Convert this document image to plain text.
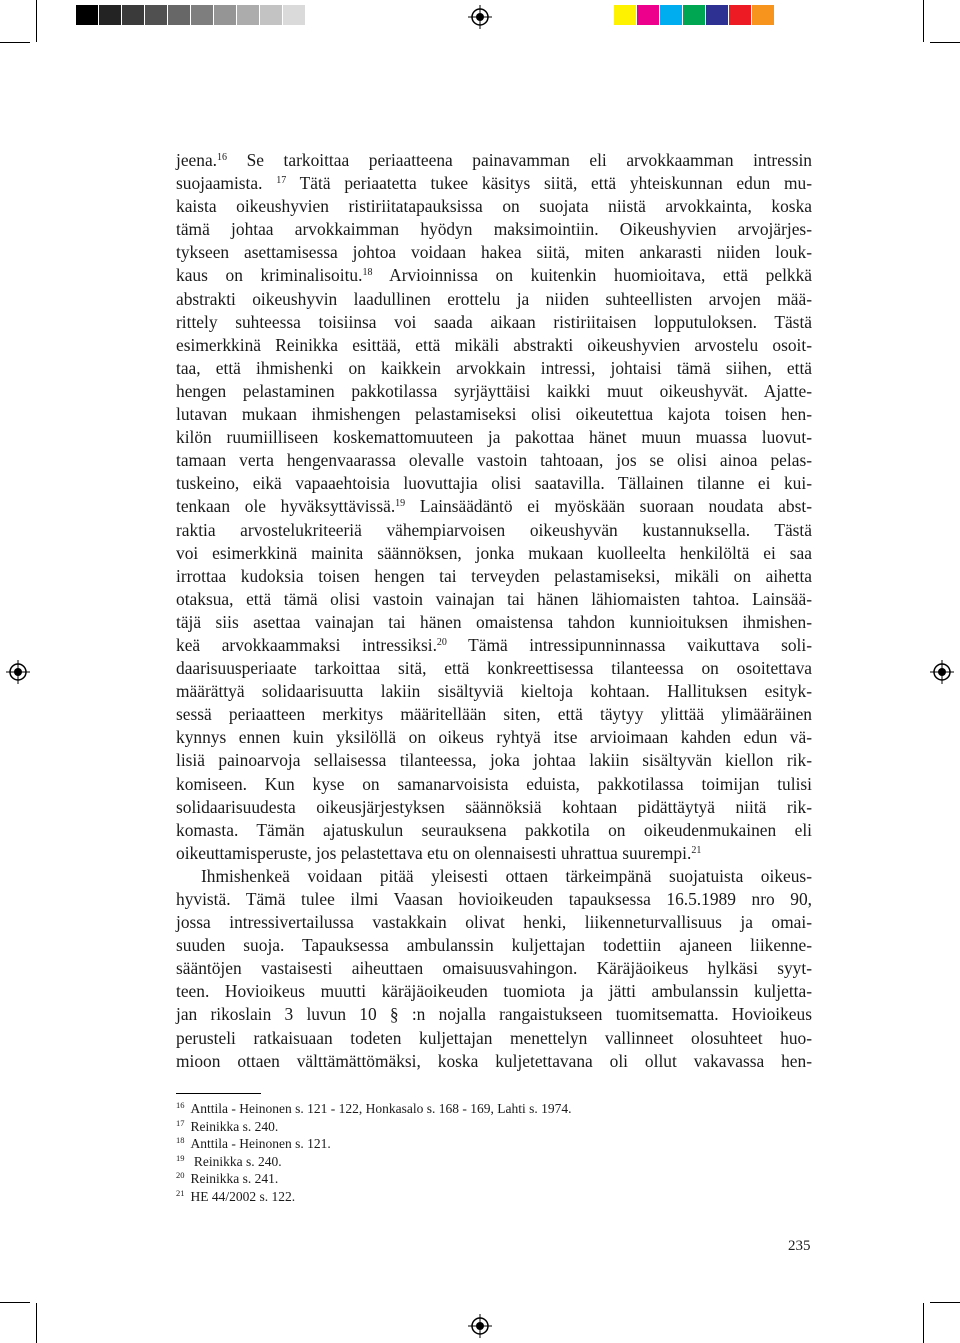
jeena.$^{16}$ Se tarkoittaa periaatteena painavamman eli arvokkaamman intressin
suojaamista. $^{17}$ Tätä periaatetta tukee käsitys siitä, että yhteiskunnan edun mu-
kaista oikeushyvien ristiriitatapauksissa on suojata niistä arvokkainta, koska
tämä johtaa arvokkaimman hyödyn maksimointiin. Oikeushyvien arvojärjes-
tykseen asettamisessa johtoa voidaan hakea siitä, miten ankarasti niiden louk-
kaus on kriminalisoitu.$^{18}$ Arvioinnissa on kuitenkin huomioitava, että pelkkä
abstrakti oikeushyvin laadullinen erottelu ja niiden suhteellisten arvojen mää-
rittely suhteessa toisiinsa voi saada aikaan ristiriitaisen lopputuloksen. Tästä
esimerkkinä Reinikka esittää, että mikäli abstrakti oikeushyvien arvostelu osoit-
taa, että ihmishenki on kaikkein arvokkain intressi, johtaisi tämä siihen, että
hengen pelastaminen pakkotilassa syrjäyttäisi kaikki muut oikeushyvät. Ajatte-
lutavan mukaan ihmishengen pelastamiseksi olisi oikeutettua kajota toisen hen-
kilön ruumiilliseen koskemattomuuteen ja pakottaa hänet muun muassa luovut-
tamaan verta hengenvaarassa olevalle vastoin tahtoaan, jos se olisi ainoa pelas-
tuskeino, eikä vapaaehtoisia luovuttajia olisi saatavilla. Tällainen tilanne ei kui-
tenkaan ole hyväksyttävissä.$^{19}$ Lainsäädäntö ei myöskään suoraan noudata abst-
raktia arvostelukriteeriä vähempiarvoisen oikeushyvän kustannuksella. Tästä
voi esimerkkinä mainita säännöksen, jonka mukaan kuolleelta henkilöltä ei saa
irrottaa kudoksia toisen hengen tai terveyden pelastamiseksi, mikäli on aihetta
otaksua, että tämä olisi vastoin vainajan tai hänen lähiomaisten tahtoa. Lainsää-
täjä siis asettaa vainajan tai hänen omaistensa tahdon kunnioituksen ihmishen-
keä arvokkaammaksi intressiksi.$^{20}$ Tämä intressipunninnassa vaikuttava soli-
daarisuusperiaate tarkoittaa sitä, että konkreettisessa tilanteessa on osoitettava
määrättyä solidaarisuutta lakiin sisältyviä kieltoja kohtaan. Hallituksen esityk-
sessä periaatteen merkitys määritellään siten, että täytyy ylittää ylimääräinen
kynnys ennen kuin yksilöllä on oikeus ryhtyä itse arvioimaan kahden edun vä-
lisiä painoarvoja sellaisessa tilanteessa, joka johtaa lakiin sisältyvän kiellon rik-
komiseen. Kun kyse on samanarvoisista eduista, pakkotilassa toimijan tulisi
solidaarisuudesta oikeusjärjestyksen säännöksiä kohtaan pidättäytyä niitä rik-
komasta. Tämän ajatuskulun seurauksena pakkotila on oikeudenmukainen eli
oikeuttamisperuste, jos pelastettava etu on olennaisesti uhrattua suurempi.$^{21}$
Ihmishenkeä voidaan pitää yleisesti ottaen tärkeimpänä suojatuista oikeus-
hyvistä. Tämä tulee ilmi Vaasan hovioikeuden tapauksessa 16.5.1989 nro 90,
jossa intressivertailussa vastakkain olivat henki, liikenneturvallisuus ja omai-
suuden suoja. Tapauksessa ambulanssin kuljettajan todettiin ajaneen liikenne-
sääntöjen vastaisesti aiheuttaen omaisuusvahingon. Käräjäoikeus hylkäsi syyt-
teen. Hovioikeus muutti käräjäoikeuden tuomiota ja jätti ambulanssin kuljetta-
jan rikoslain 3 luvun 10 § :n nojalla rangaistukseen tuomitsematta. Hovioikeus
perusteli ratkaisuaan todeten kuljettajan menettelyn vallinneet olosuhteet huo-
mioon ottaen välttämättömäksi, koska kuljetettavana oli ollut vakavassa hen-
$^{16}$ Anttila - Heinonen s. 121 - 122, Honkasalo s. 168 - 169, Lahti s. 1974.
$^{17}$ Reinikka s. 240.
$^{18}$ Anttila - Heinonen s. 121.
$^{19}$ Reinikka s. 240.
$^{20}$ Reinikka s. 241.
$^{21}$ HE 44/2002 s. 122.
235
